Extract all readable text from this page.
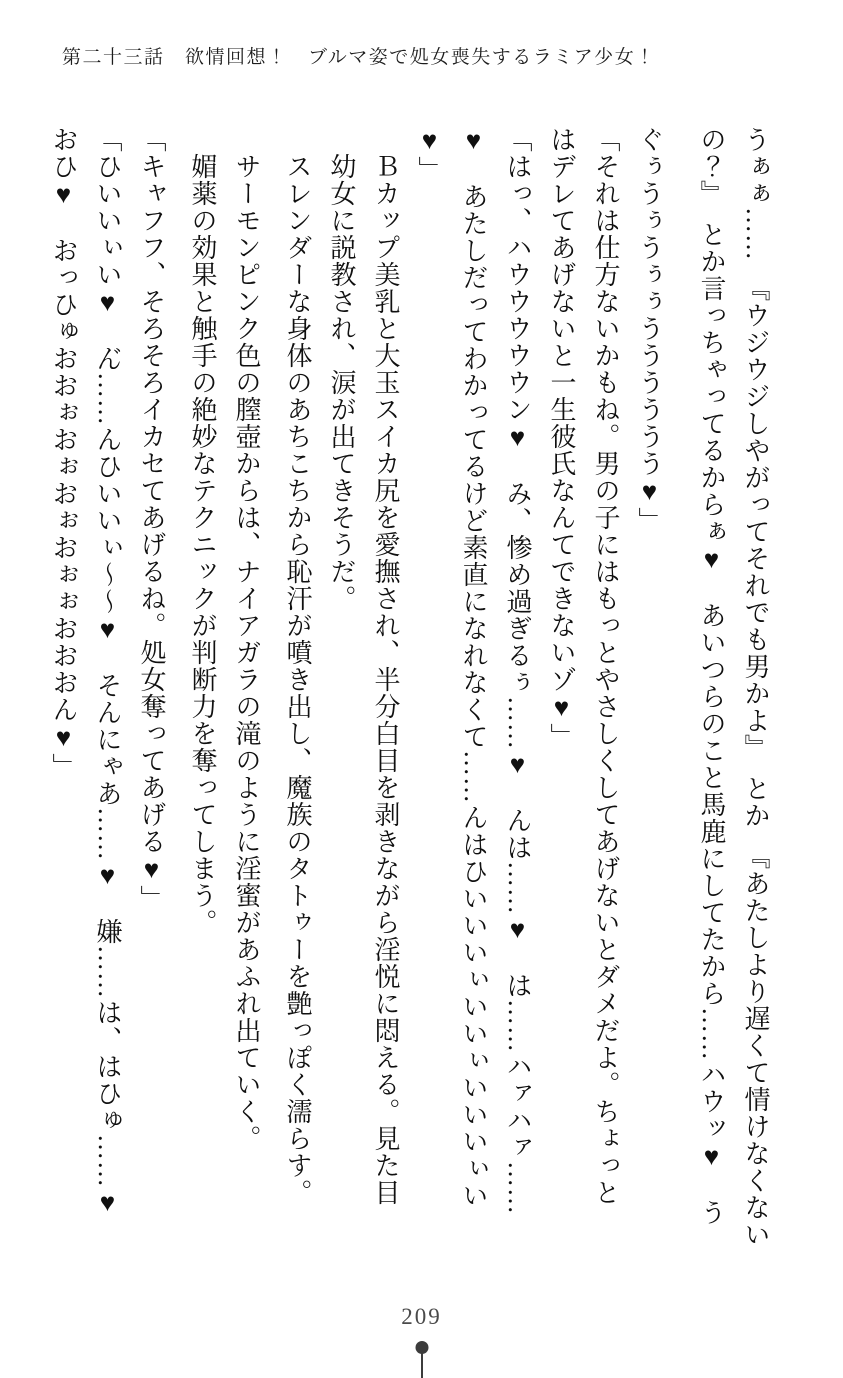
第二十三話　欲情回想！　ブルマ姿で処女喪失するラミア少女！
うぁぁ……　『ウジウジしやがってそれでも男かよ』　とか　『あたしより遅くて情けなくない
の？』　とか言っちゃってるからぁ♥　あいつらのこと馬鹿にしてたから……ハウッ♥　う
ぐぅうぅうぅぅうううううう♥」
「それは仕方ないかもね。男の子にはもっとやさしくしてあげないとダメだよ。ちょっと
はデレてあげないと一生彼氏なんてできないゾ♥」
「はっ、ハウウウウウン♥　み、惨め過ぎるぅ……♥　んは……♥　は……ハァハァ……
♥　あたしだってわかってるけど素直になれなくて……んはひいいいぃいいぃいいいぃい
♥」
　Ｂカップ美乳と大玉スイカ尻を愛撫され、半分白目を剥きながら淫悦に悶える。見た目
　幼女に説教され、涙が出てきそうだ。
　スレンダーな身体のあちこちから恥汗が噴き出し、魔族のタトゥーを艶っぽく濡らす。
　サーモンピンク色の膣壺からは、ナイアガラの滝のように淫蜜があふれ出ていく。
　媚薬の効果と触手の絶妙なテクニックが判断力を奪ってしまう。
「キャフフ、そろそろイカセてあげるね。処女奪ってあげる♥」
「ひいいぃい♥　ん゙……んひいいぃ～～♥　そんにゃあ……♥　嫌……は、はひゅ……♥
おひ♥　おっひゅおおぉおぉおぉおぉぉおおおん♥」
209
